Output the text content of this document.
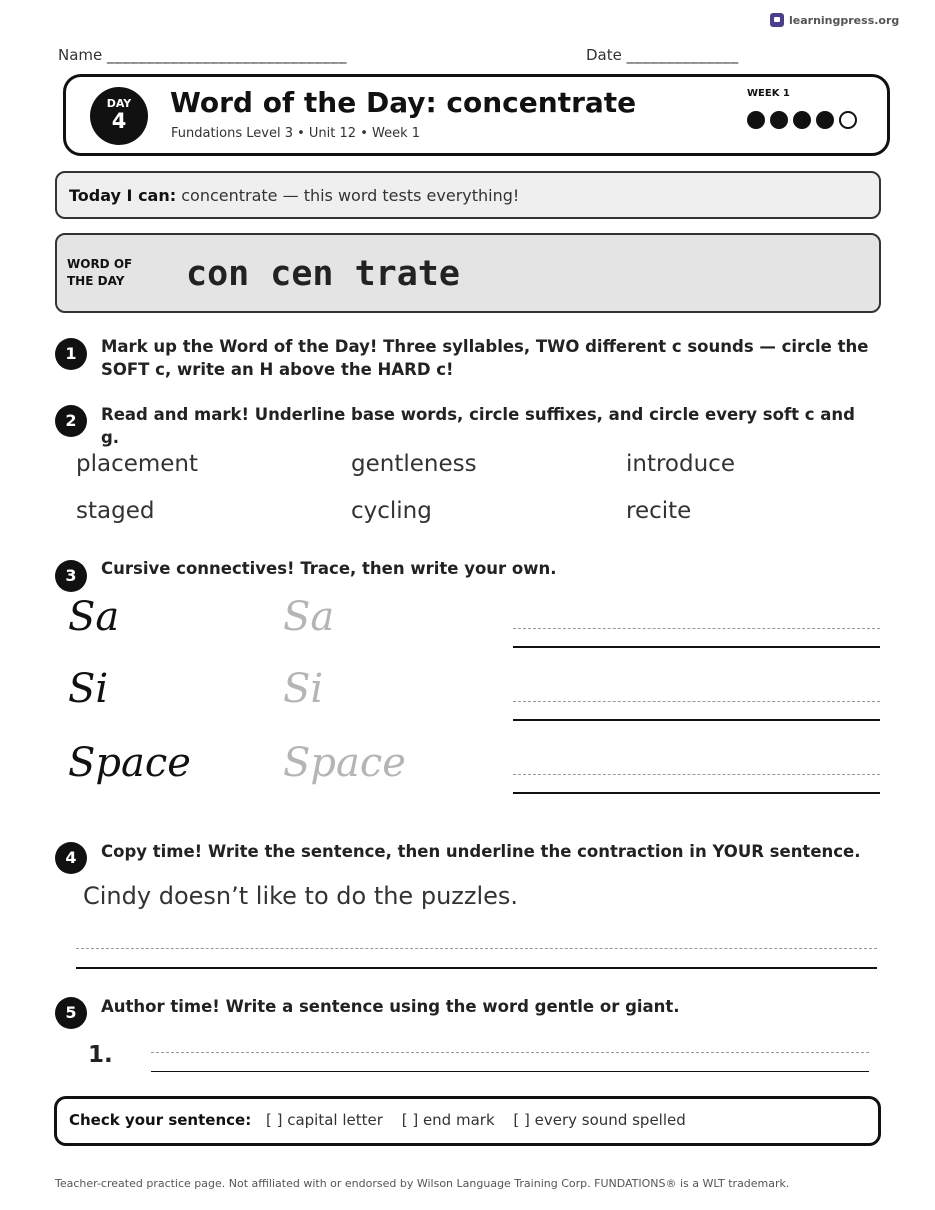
learningpress.org
Name ______________________________	Date ______________
DAY
4
Word of the Day: concentrate
Fundations Level 3 • Unit 12 • Week 1
WEEK 1
Today I can: concentrate — this word tests everything!
WORD OF
THE DAY con cen trate
1	Mark up the Word of the Day! Three syllables, TWO different c sounds — circle the SOFT c, write an H above the HARD c!
2	Read and mark! Underline base words, circle suffixes, and circle every soft c and g.
placement	gentleness	introduce
staged	cycling	recite
3	Cursive connectives! Trace, then write your own.
Sa	Sa
Si	Si
Space Space
4	Copy time! Write the sentence, then underline the contraction in YOUR sentence.
Cindy doesn’t like to do the puzzles.
5	Author time! Write a sentence using the word gentle or giant.
1.
Check your sentence: [ ] capital letter [ ] end mark [ ] every sound spelled
Teacher-created practice page. Not affiliated with or endorsed by Wilson Language Training Corp. FUNDATIONS® is a WLT trademark.
